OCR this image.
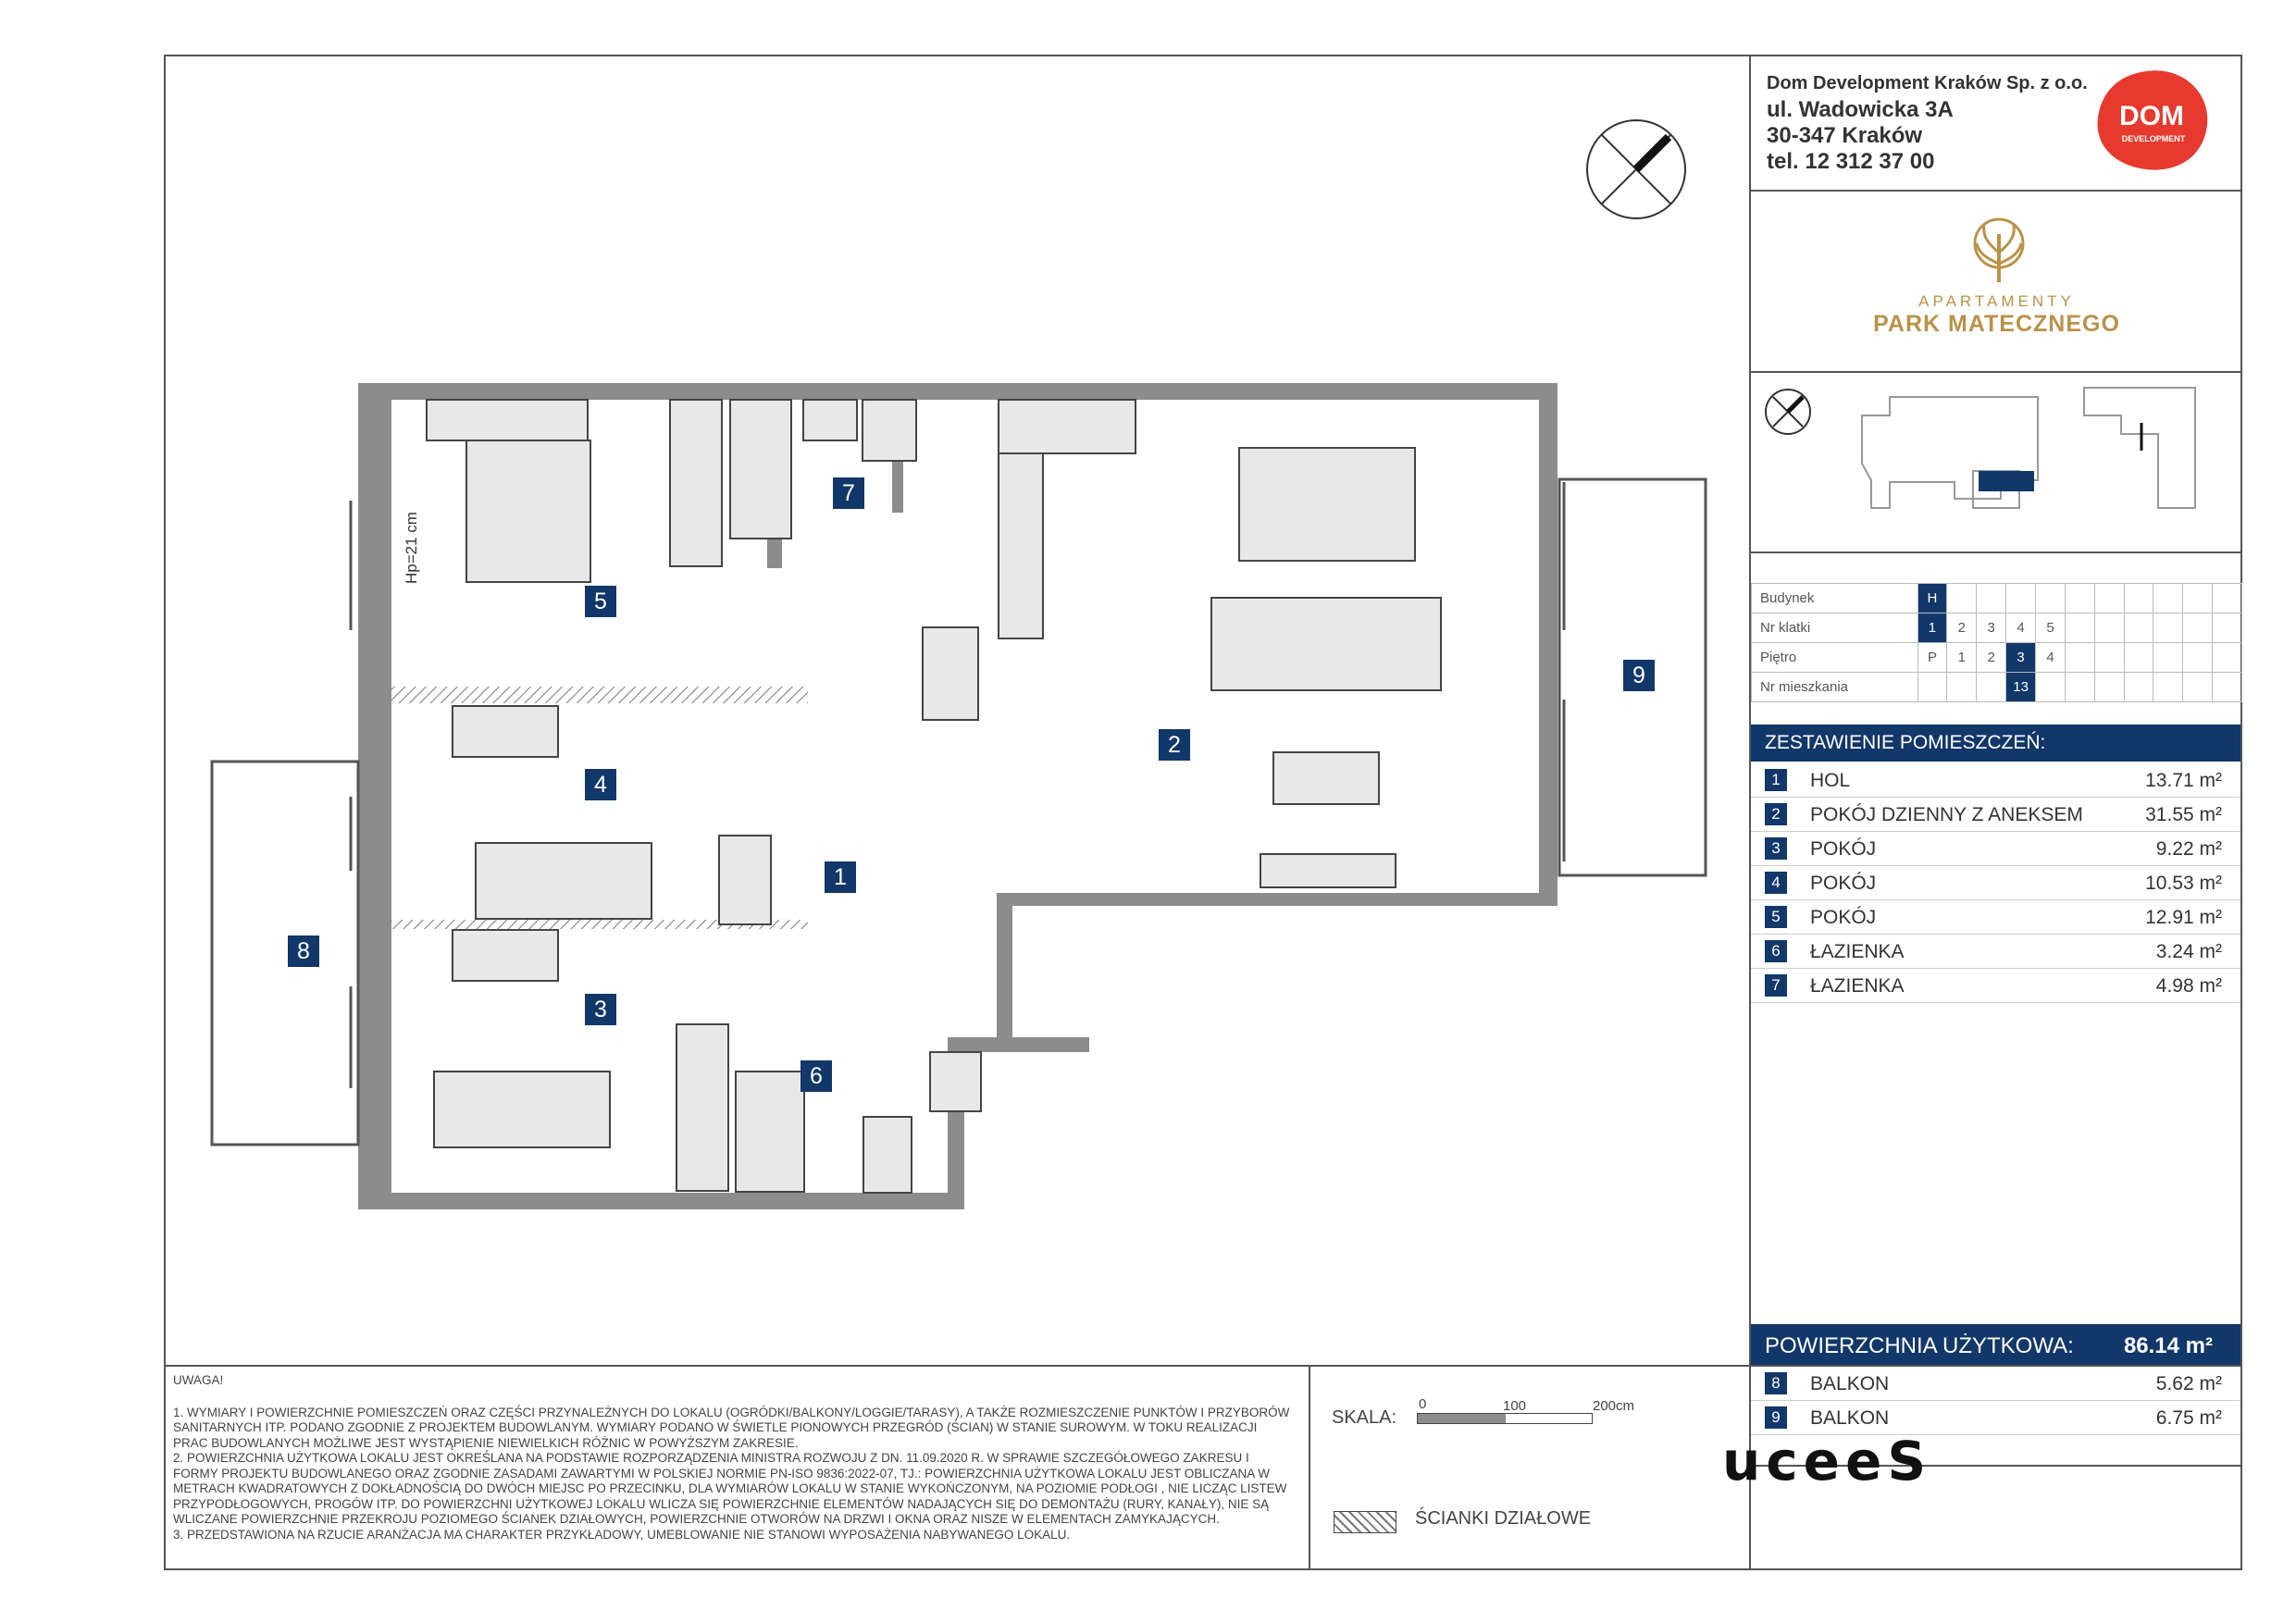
1
2
3
4
5
6
7
8
9
Hp=21 cm
UWAGA!
1. WYMIARY I POWIERZCHNIE POMIESZCZEŃ ORAZ CZĘŚCI PRZYNALEŻNYCH DO LOKALU (OGRÓDKI/BALKONY/LOGGIE/TARASY), A TAKŻE ROZMIESZCZENIE PUNKTÓW I PRZYBORÓW SANITARNYCH ITP. PODANO ZGODNIE Z PROJEKTEM BUDOWLANYM. WYMIARY PODANO W ŚWIETLE PIONOWYCH PRZEGRÓD (ŚCIAN) W STANIE SUROWYM. W TOKU REALIZACJI PRAC BUDOWLANYCH MOŻLIWE JEST WYSTĄPIENIE NIEWIELKICH RÓŻNIC W POWYŻSZYM ZAKRESIE.
2. POWIERZCHNIA UŻYTKOWA LOKALU JEST OKREŚLANA NA PODSTAWIE ROZPORZĄDZENIA MINISTRA ROZWOJU Z DN. 11.09.2020 R. W SPRAWIE SZCZEGÓŁOWEGO ZAKRESU I FORMY PROJEKTU BUDOWLANEGO ORAZ ZGODNIE ZASADAMI ZAWARTYMI W POLSKIEJ NORMIE PN-ISO 9836:2022-07, TJ.: POWIERZCHNIA UŻYTKOWA LOKALU JEST OBLICZANA W METRACH KWADRATOWYCH Z DOKŁADNOŚCIĄ DO DWÓCH MIEJSC PO PRZECINKU, DLA WYMIARÓW LOKALU W STANIE WYKOŃCZONYM, NA POZIOMIE PODŁOGI , NIE LICZĄC LISTEW PRZYPODŁOGOWYCH, PROGÓW ITP. DO POWIERZCHNI UŻYTKOWEJ LOKALU WLICZA SIĘ POWIERZCHNIE ELEMENTÓW NADAJĄCYCH SIĘ DO DEMONTAŻU (RURY, KANAŁY), NIE SĄ WLICZANE POWIERZCHNIE PRZEKROJU POZIOMEGO ŚCIANEK DZIAŁOWYCH, POWIERZCHNIE OTWORÓW NA DRZWI I OKNA ORAZ NISZE W ELEMENTACH ZAMYKAJĄCYCH.
3. PRZEDSTAWIONA NA RZUCIE ARANŻACJA MA CHARAKTER PRZYKŁADOWY, UMEBLOWANIE NIE STANOWI WYPOSAŻENIA NABYWANEGO LOKALU.
SKALA:
0	100	200cm
ŚCIANKI DZIAŁOWE
Dom Development Kraków Sp. z o.o.
ul. Wadowicka 3A
30-347 Kraków
tel. 12 312 37 00
DOM
DEVELOPMENT
APARTAMENTY
PARK MATECZNEGO
Budynek	H										
Nr klatki	1	2	3	4	5						
Piętro	P	1	2	3	4						
Nr mieszkania				13							
ZESTAWIENIE POMIESZCZEŃ:
1	HOL	13.71 m²
2	POKÓJ DZIENNY Z ANEKSEM	31.55 m²
3	POKÓJ	9.22 m²
4	POKÓJ	10.53 m²
5	POKÓJ	12.91 m²
6	ŁAZIENKA	3.24 m²
7	ŁAZIENKA	4.98 m²
POWIERZCHNIA UŻYTKOWA: 86.14 m²
8	BALKON	5.62 m²
9	BALKON	6.75 m²
uceeS
